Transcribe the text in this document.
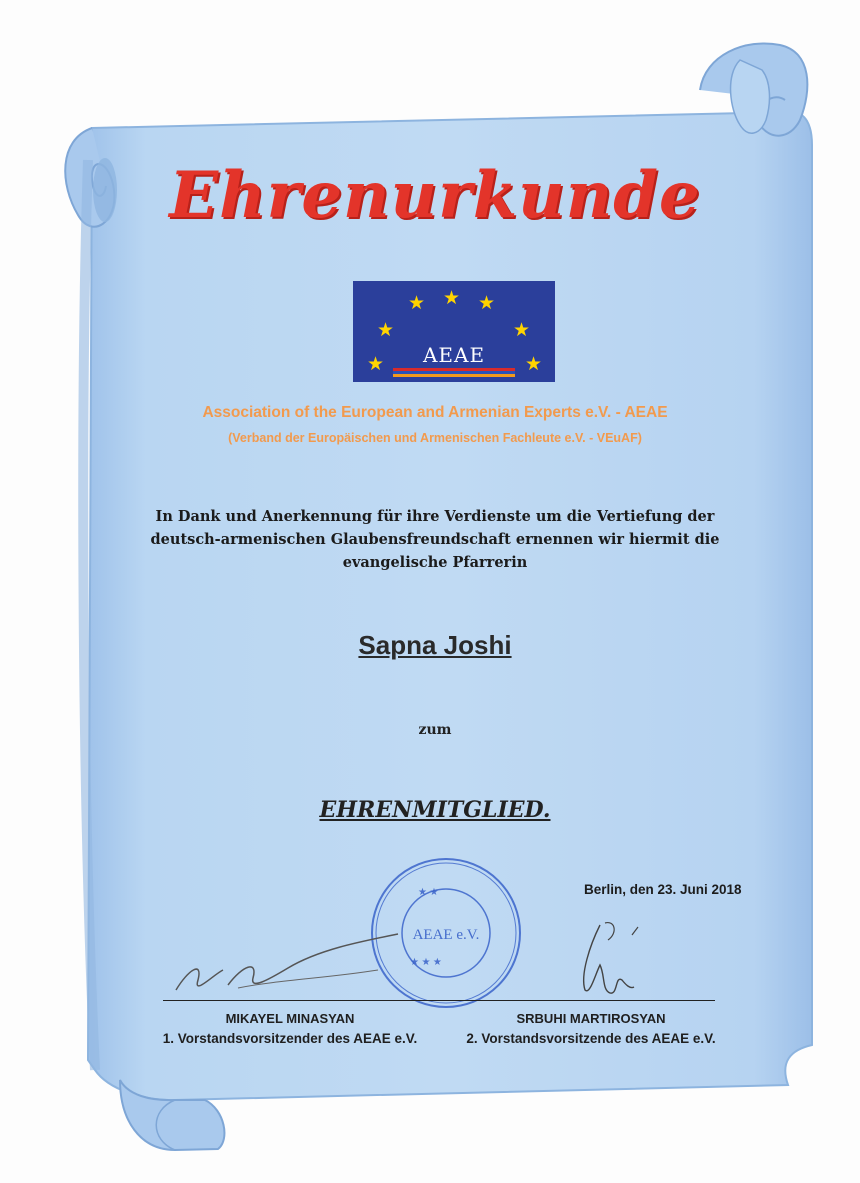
Ehrenurkunde
★
★	★
★	★
★	★
AEAE
Association of the European and Armenian Experts e.V. - AEAE
(Verband der Europäischen und Armenischen Fachleute e.V. - VEuAF)
In Dank und Anerkennung für ihre Verdienste um die Vertiefung der
deutsch-armenischen Glaubensfreundschaft ernennen wir hiermit die
evangelische Pfarrerin
Sapna Joshi
zum
EHRENMITGLIED.
Berlin, den 23. Juni 2018
★ ★
★ ★ ★
AEAE e.V.
MIKAYEL MINASYAN
1. Vorstandsvorsitzender des AEAE e.V.
SRBUHI MARTIROSYAN
2. Vorstandsvorsitzende des AEAE e.V.
